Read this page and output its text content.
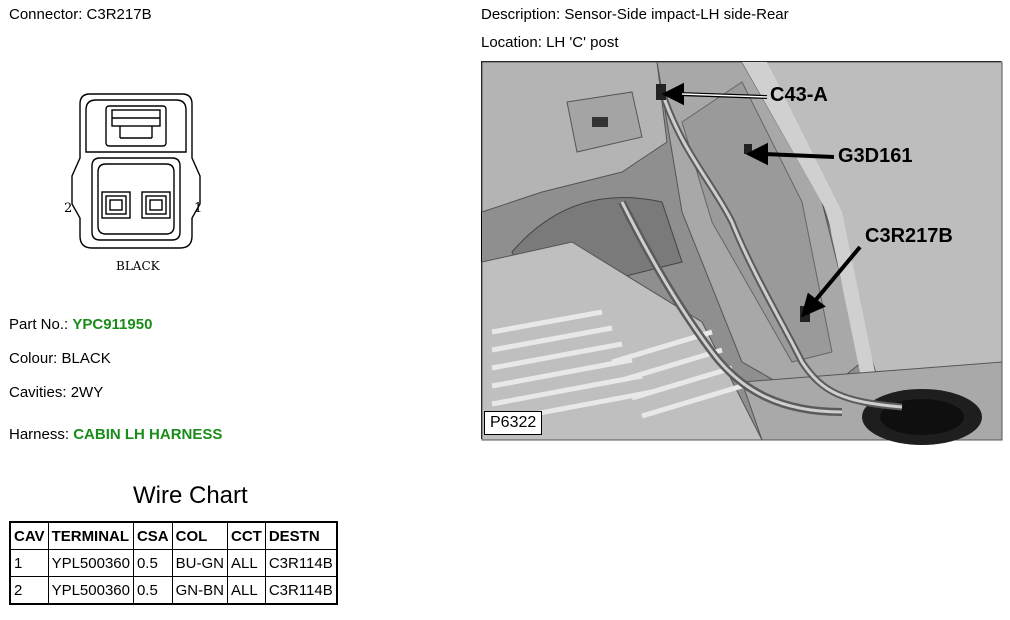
Connector: C3R217B	Description: Sensor-Side impact-LH side-Rear
Location: LH 'C' post
2	1
BLACK
Part No.: YPC911950
Colour: BLACK
Cavities: 2WY
Harness: CABIN LH HARNESS
Wire Chart
CAV	TERMINAL	CSA	COL	CCT	DESTN
1	YPL500360	0.5	BU-GN	ALL	C3R114B
2	YPL500360	0.5	GN-BN	ALL	C3R114B
C43-A
G3D161
C3R217B
P6322
